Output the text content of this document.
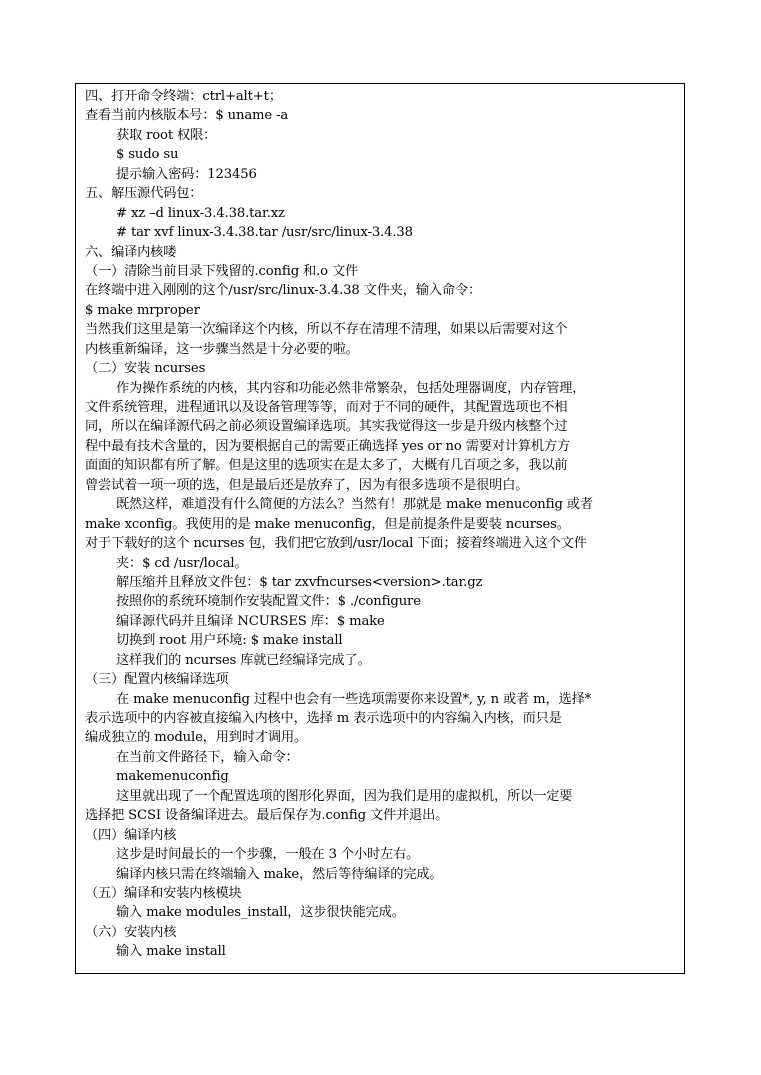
四、打开命令终端：ctrl+alt+t；
查看当前内核版本号：$ uname -a
获取 root 权限：
$ sudo su
提示输入密码：123456
五、解压源代码包：
# xz –d linux-3.4.38.tar.xz
# tar xvf linux-3.4.38.tar /usr/src/linux-3.4.38
六、编译内核喽
（一）清除当前目录下残留的.config 和.o 文件
在终端中进入刚刚的这个/usr/src/linux-3.4.38 文件夹，输入命令：
$ make mrproper
当然我们这里是第一次编译这个内核，所以不存在清理不清理，如果以后需要对这个
内核重新编译，这一步骤当然是十分必要的啦。
（二）安装 ncurses
作为操作系统的内核，其内容和功能必然非常繁杂，包括处理器调度，内存管理，
文件系统管理，进程通讯以及设备管理等等，而对于不同的硬件，其配置选项也不相
同，所以在编译源代码之前必须设置编译选项。其实我觉得这一步是升级内核整个过
程中最有技术含量的，因为要根据自己的需要正确选择 yes or no 需要对计算机方方
面面的知识都有所了解。但是这里的选项实在是太多了，大概有几百项之多，我以前
曾尝试着一项一项的选，但是最后还是放弃了，因为有很多选项不是很明白。
既然这样，难道没有什么简便的方法么？当然有！那就是 make menuconfig 或者
make xconfig。我使用的是 make menuconfig，但是前提条件是要装 ncurses。
对于下载好的这个 ncurses 包，我们把它放到/usr/local 下面；接着终端进入这个文件
夹：$ cd /usr/local。
解压缩并且释放文件包：$ tar zxvfncurses<version>.tar.gz
按照你的系统环境制作安装配置文件：$ ./configure
编译源代码并且编译 NCURSES 库：$ make
切换到 root 用户环境: $ make install
这样我们的 ncurses 库就已经编译完成了。
（三）配置内核编译选项
在 make menuconfig 过程中也会有一些选项需要你来设置*, y, n 或者 m，选择*
表示选项中的内容被直接编入内核中，选择 m 表示选项中的内容编入内核，而只是
编成独立的 module，用到时才调用。
在当前文件路径下，输入命令：
makemenuconfig
这里就出现了一个配置选项的图形化界面，因为我们是用的虚拟机，所以一定要
选择把 SCSI 设备编译进去。最后保存为.config 文件并退出。
（四）编译内核
这步是时间最长的一个步骤，一般在 3 个小时左右。
编译内核只需在终端输入 make，然后等待编译的完成。
（五）编译和安装内核模块
输入 make modules_install，这步很快能完成。
（六）安装内核
输入 make install
